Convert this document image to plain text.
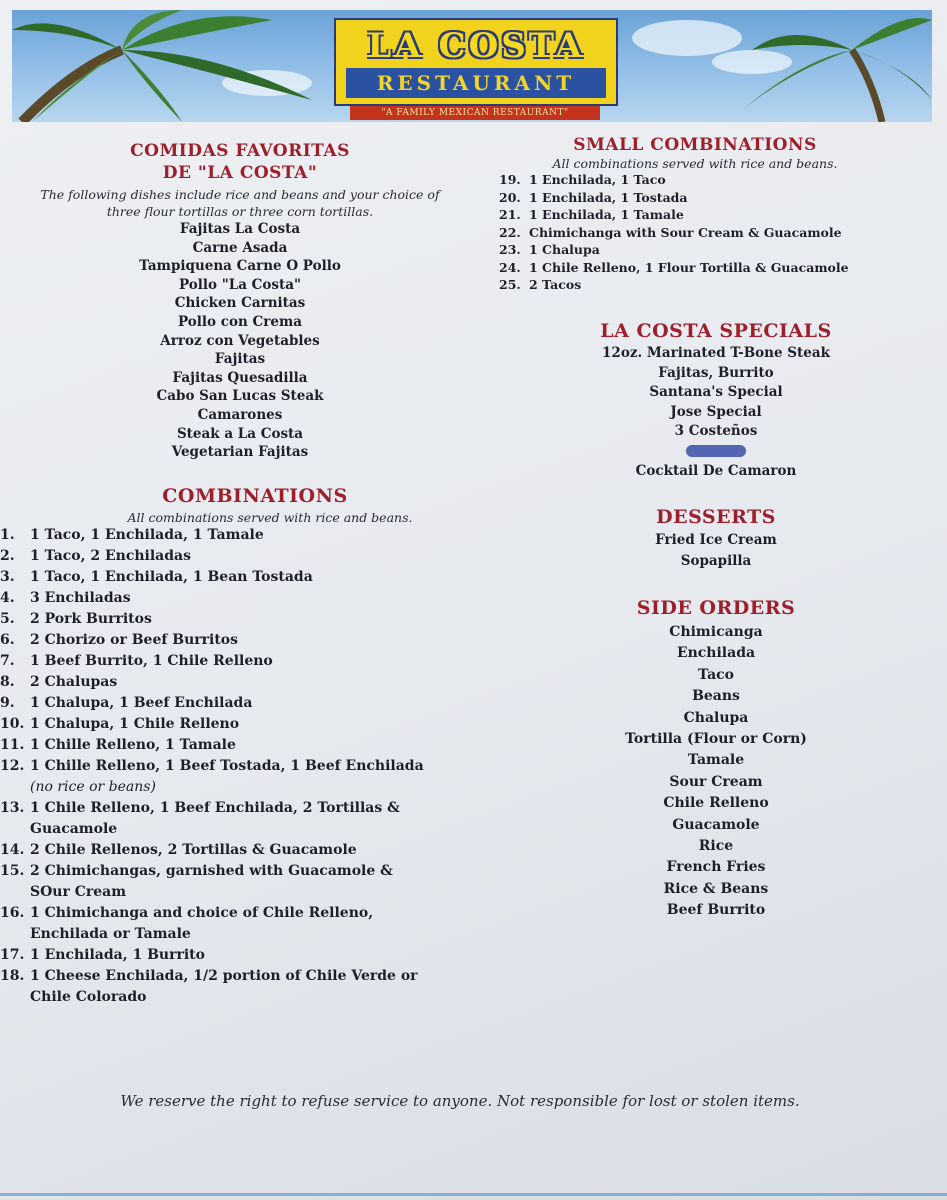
LA COSTA
RESTAURANT
"A FAMILY MEXICAN RESTAURANT"
COMIDAS FAVORITAS
DE "LA COSTA"
The following dishes include rice and beans and your choice of
three flour tortillas or three corn tortillas.
Fajitas La Costa
Carne Asada
Tampiquena Carne O Pollo
Pollo "La Costa"
Chicken Carnitas
Pollo con Crema
Arroz con Vegetables
Fajitas
Fajitas Quesadilla
Cabo San Lucas Steak
Camarones
Steak a La Costa
Vegetarian Fajitas
COMBINATIONS
All combinations served with rice and beans.
1.	1 Taco, 1 Enchilada, 1 Tamale
2.	1 Taco, 2 Enchiladas
3.	1 Taco, 1 Enchilada, 1 Bean Tostada
4.	3 Enchiladas
5.	2 Pork Burritos
6.	2 Chorizo or Beef Burritos
7.	1 Beef Burrito, 1 Chile Relleno
8.	2 Chalupas
9.	1 Chalupa, 1 Beef Enchilada
10. 1 Chalupa, 1 Chile Relleno
11. 1 Chille Relleno, 1 Tamale
12. 1 Chille Relleno, 1 Beef Tostada, 1 Beef Enchilada (no rice or beans)
13. 1 Chile Relleno, 1 Beef Enchilada, 2 Tortillas & Guacamole
14. 2 Chile Rellenos, 2 Tortillas & Guacamole
15. 2 Chimichangas, garnished with Guacamole & SOur Cream
16. 1 Chimichanga and choice of Chile Relleno, Enchilada or Tamale
17. 1 Enchilada, 1 Burrito
18. 1 Cheese Enchilada, 1/2 portion of Chile Verde or Chile Colorado
SMALL COMBINATIONS
All combinations served with rice and beans.
19. 1 Enchilada, 1 Taco
20. 1 Enchilada, 1 Tostada
21. 1 Enchilada, 1 Tamale
22. Chimichanga with Sour Cream & Guacamole
23. 1 Chalupa
24. 1 Chile Relleno, 1 Flour Tortilla & Guacamole
25. 2 Tacos
LA COSTA SPECIALS
12oz. Marinated T-Bone Steak
Fajitas, Burrito
Santana's Special
Jose Special
3 Costeños
Cocktail De Camaron
DESSERTS
Fried Ice Cream
Sopapilla
SIDE ORDERS
Chimicanga
Enchilada
Taco
Beans
Chalupa
Tortilla (Flour or Corn)
Tamale
Sour Cream
Chile Relleno
Guacamole
Rice
French Fries
Rice & Beans
Beef Burrito
We reserve the right to refuse service to anyone. Not responsible for lost or stolen items.
